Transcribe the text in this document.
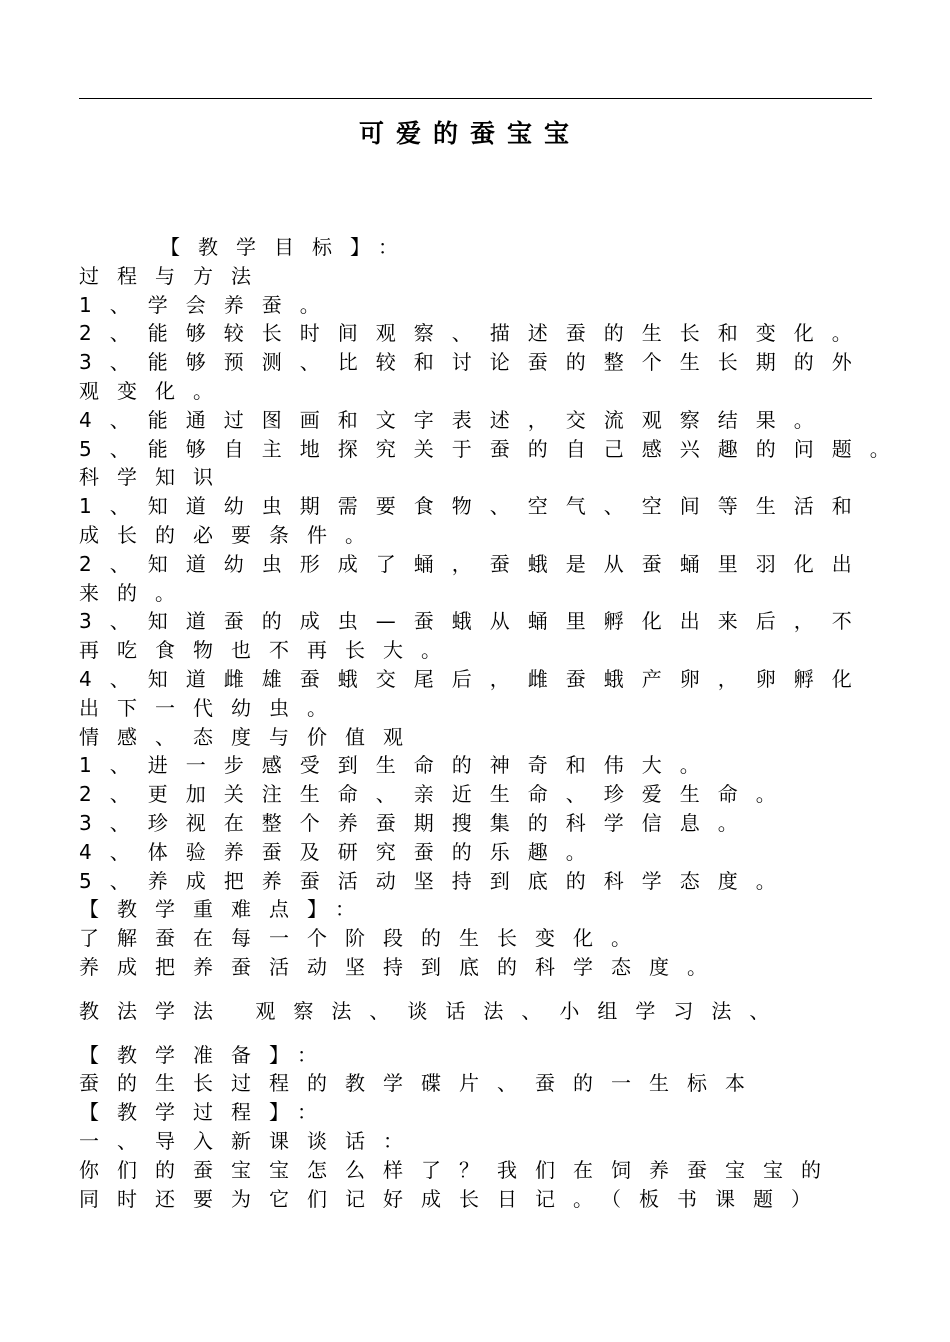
可爱的蚕宝宝
【教学目标】：
过程与方法
1、学会养蚕。
2、能够较长时间观察、描述蚕的生长和变化。
3、能够预测、比较和讨论蚕的整个生长期的外
观变化。
4、能通过图画和文字表述，交流观察结果。
5、能够自主地探究关于蚕的自己感兴趣的问题。
科学知识
1、知道幼虫期需要食物、空气、空间等生活和
成长的必要条件。
2、知道幼虫形成了蛹，蚕蛾是从蚕蛹里羽化出
来的。
3、知道蚕的成虫—蚕蛾从蛹里孵化出来后，不
再吃食物也不再长大。
4、知道雌雄蚕蛾交尾后，雌蚕蛾产卵，卵孵化
出下一代幼虫。
情感、态度与价值观
1、进一步感受到生命的神奇和伟大。
2、更加关注生命、亲近生命、珍爱生命。
3、珍视在整个养蚕期搜集的科学信息。
4、体验养蚕及研究蚕的乐趣。
5、养成把养蚕活动坚持到底的科学态度。
【教学重难点】：
了解蚕在每一个阶段的生长变化。
养成把养蚕活动坚持到底的科学态度。
教法学法 观察法、谈话法、小组学习法、
【教学准备】：
蚕的生长过程的教学碟片、蚕的一生标本
【教学过程】：
一、导入新课谈话：
你们的蚕宝宝怎么样了？我们在饲养蚕宝宝的
同时还要为它们记好成长日记。（板书课题）
